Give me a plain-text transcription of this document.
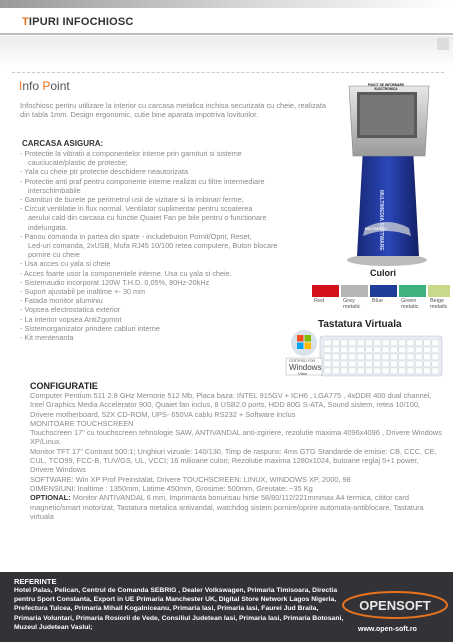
TIPURI INFOCHIOSC
Info Point
Infochiosc pentru utilizare la interior cu carcasa metalica inchisa securizata cu cheie, realizata din tabla 1mm. Design ergonomic, cutie bine aparata impotriva loviturilor.
CARCASA ASIGURA:
- Protectie la vibratii a componentelor interne prin garnituri si sisteme
cauciucate/plastic de protectie;
- Yala cu cheie ptr protectie deschidere neautorizata
- Protectie anti praf pentru componente interne realizat cu filtre intermediare
interschimbabile
- Garnituri de burete pe perimetrul usii de vizitare si la imbinari ferme;
- Circuit ventilatie in flux normal. Ventilator suplimentar pentru scoaterea
aerului cald din carcasa cu functie Quaiet Fan pe bile pentru o functionare
indelungata.
- Panou comanda in partea din spate - includebuton Pornit/Oprit, Reset,
Led-uri comanda, 2xUSB, Mufa RJ45 10/100 retea computere, Buton blocare
pornire cu cheie
- Usa acces cu yala si cheie
- Acces foarte usor la componentele interne. Usa cu yala si cheie.
- Sistemaudio incorporat 120W T.H.D. 0,05%, 80Hz-20kHz
- Suport ajustabil pe inaltime +- 30 mm
- Fatada monitor aluminiu
- Vopsea electrostatica exterior
- La interior vopsea AntiZgomot
- Sistemorganizator prindere cabluri interne
- Kit mentenanta
CONFIGURATIE
Computer Pentium 511 2.8 GHz Memorie 512 Mb, Placa baza: INTEL 915GV + ICH6 , LGA775 , 4xDDR 400 dual channel, Intel Graphics Media Accelerator 900, Quaiet fan inclus, 8 USB2.0 ports, HDD 80G S-ATA, Sound sistem, retea 10/100, Drivere motherboard, 52X CD-ROM, UPS- 650VA cablu RS232 + Software inclus
MONITOARE TOUCHSCREEN
Touchscreen 17" cu touchscreen tehnologie SAW, ANTIVANDAL anti-zgiriere, rezolutie maxima 4096x4096 , Drivere Windows XP/Linux.
Monitor TFT 17" Contrast 500:1; Unghiuri vizuale: 140/130, Timp de raspuns: 4ms GTG Standarde de emisie: CB, CCC, CE, CUL, TCO99, FCC-B, TUV/GS, UL, VCCI; 16 milioane culori; Rezolutie maxima 1280x1024, butoane reglaj 5+1 power, Drivere Windows
SOFTWARE: Win XP Prof Preinstalat, Drivere TOUCHSCREEN: LINUX, WINDOWS XP, 2000, 98
DIMENSIUNI: Inaltime : 1350mm, Latime 450mm, Grosime: 500mm, Greutate: ~35 Kg
OPTIONAL: Monitor ANTIVANDAL 6 mm, Imprimanta bonurisau hirtie 58/80/112/221mmmax A4 termica, cititor card magnetic/smart motorizat, Tastatura metalica antivandal, watchdog sistem pornire/oprire automata-antiblocare, Tastatura virtuala
PUNCT DE INFORMARE ELECTRONICA
MULTIMEDIA SOFTWARE
MULTIMEDIA
Culori
Red	Grey metalic
Blue	Green metalic
Beige metalic
Tastatura Virtuala
CERTIFIED FOR
Windows
Vista
REFERINTE
Hotel Palas, Pelican, Centrul de Comanda SEBRIG , Dealer Volkswagen, Primaria Timisoara, Directia pentru Sport Constanta, Export in UE Primaria Manchester UK, Digital Store Network Lagos Nigeria, Prefectura Tulcea, Primaria Mihail Kogalniceanu, Primaria Iasi, Primaria Iasi, Faurei Jud Braila, Primaria Voluntari, Primaria Rosiorii de Vede, Consiliul Judetean Iasi, Primaria Iasi, Primaria Botosani, Muzeul Judetean Vaslui;
OPENSOFT
www.open-soft.ro
